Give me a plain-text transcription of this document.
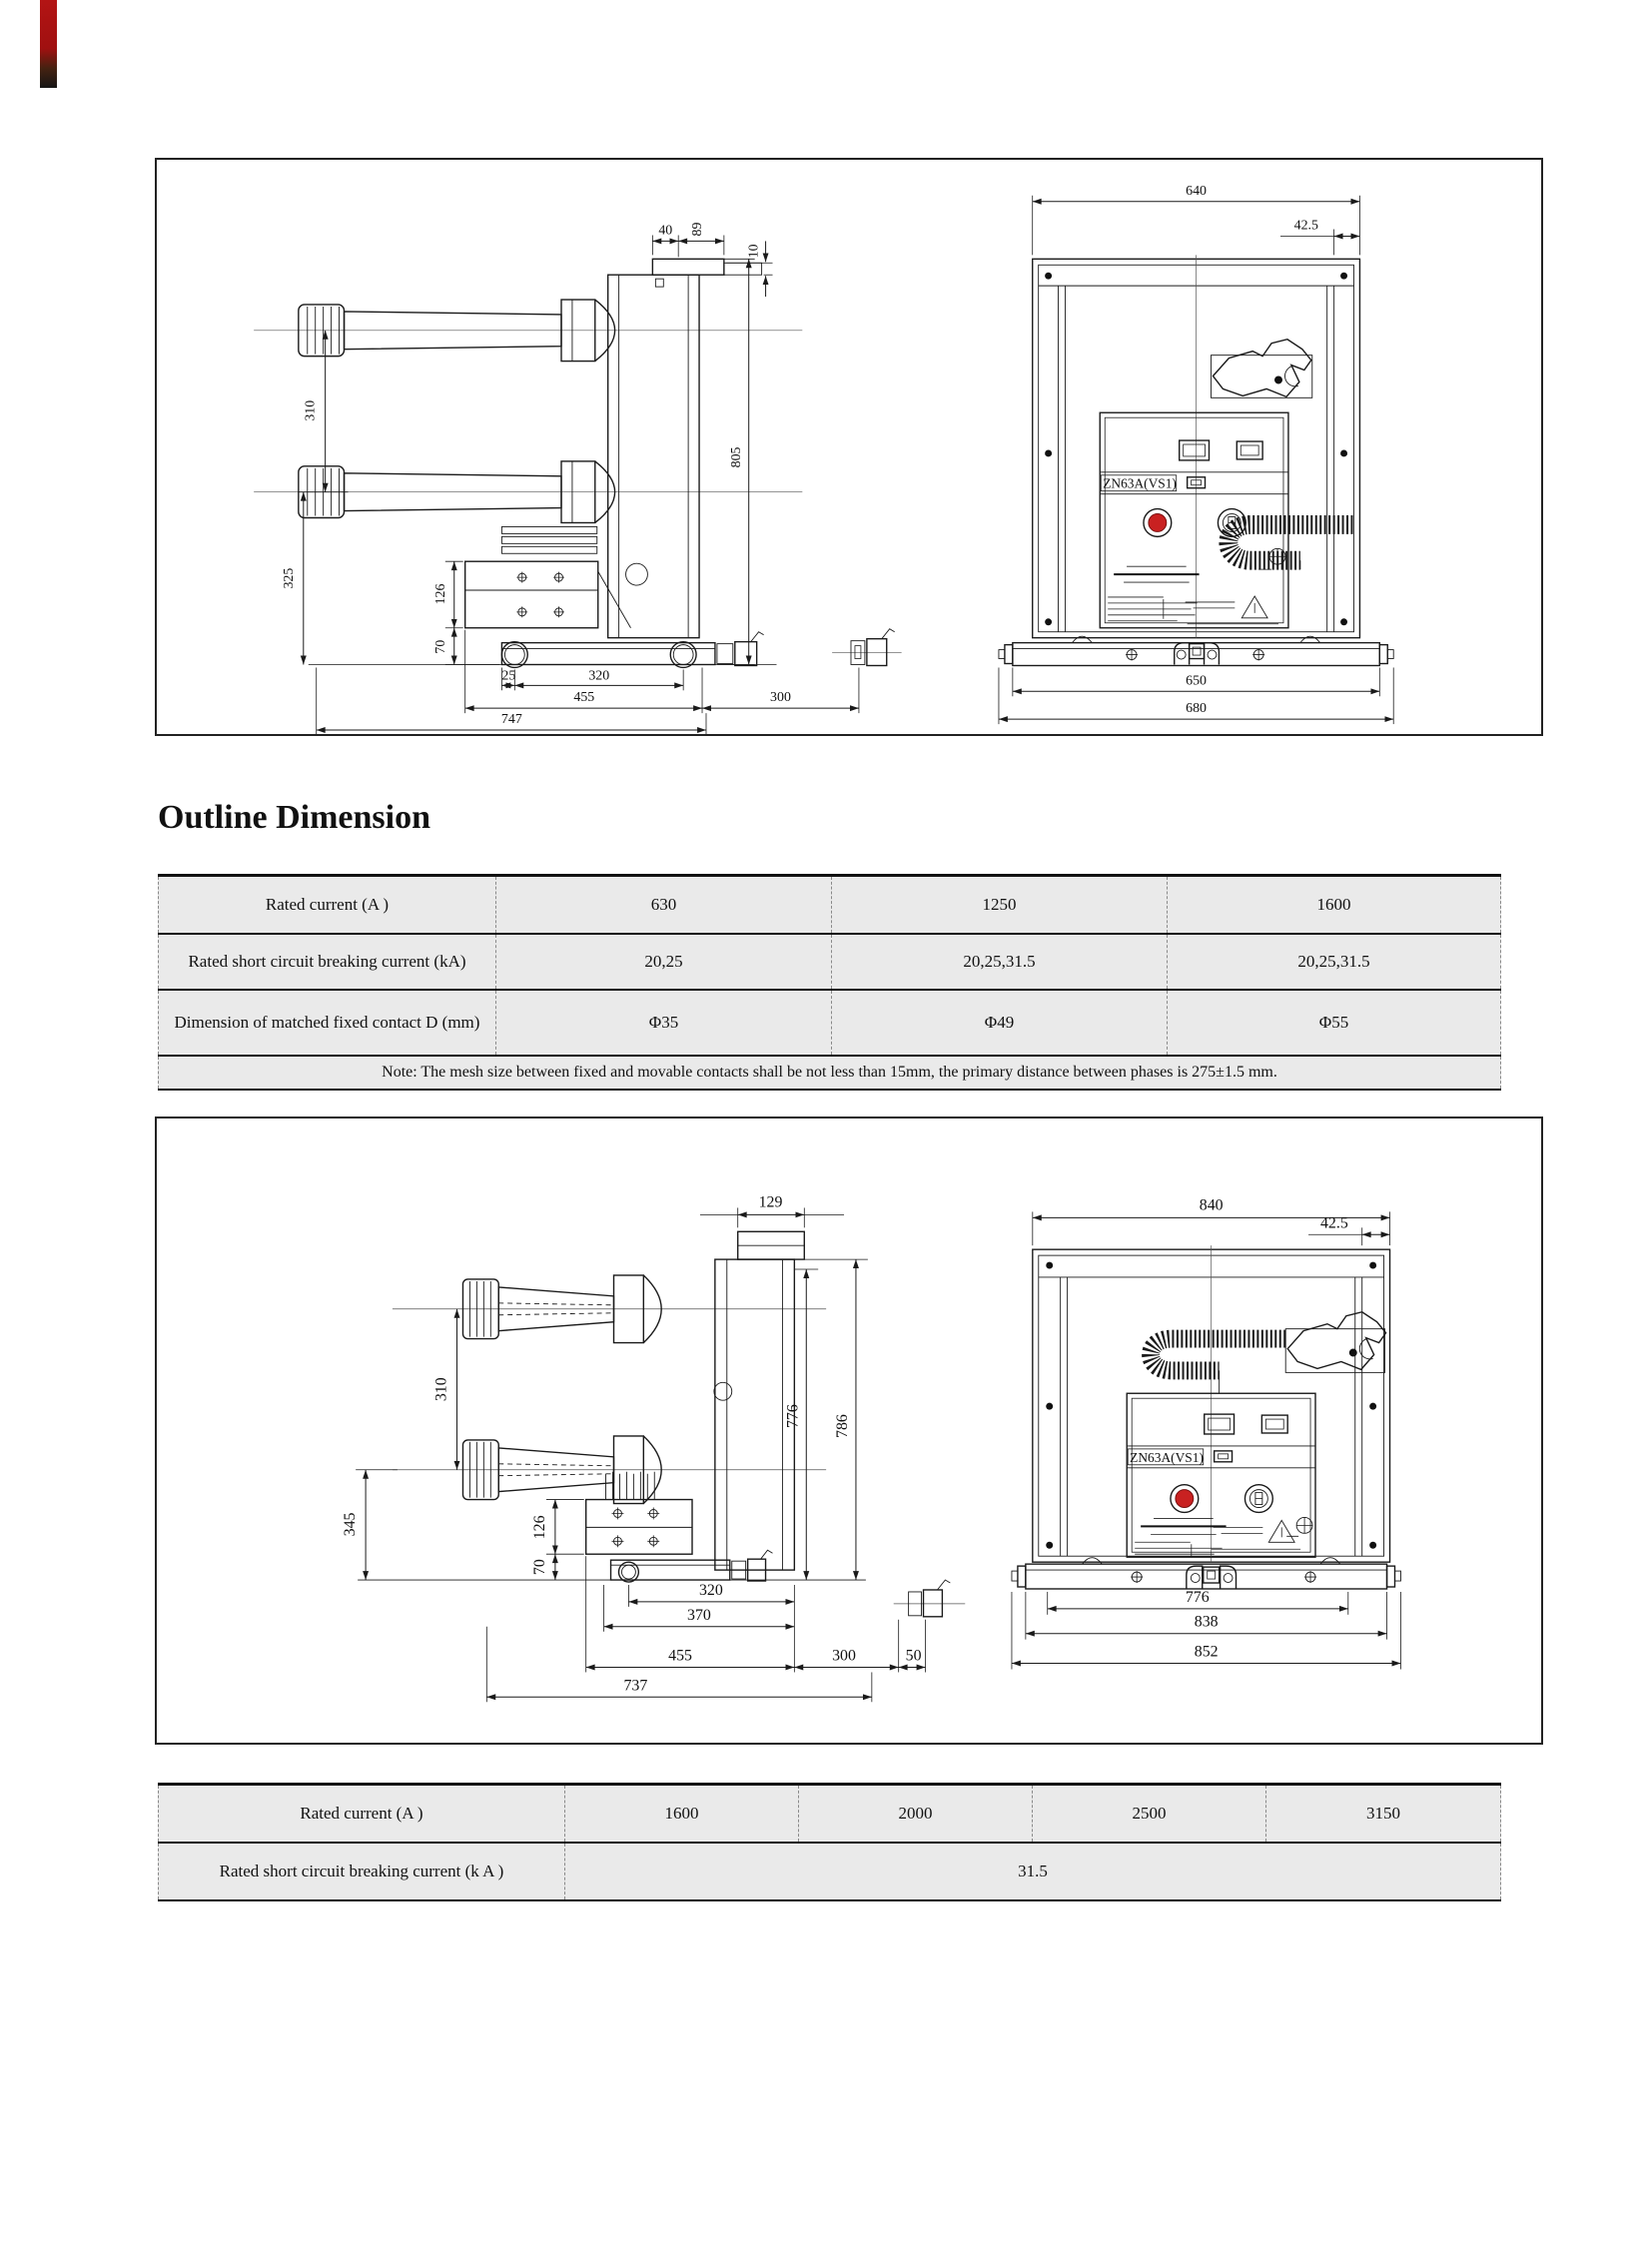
40 89
10
310
325
126
70
805
25	320
455	300
747
ZN63A(VS1)
640
42.5
650
680
Outline Dimension
Rated current (A )	630	1250	1600
Rated short circuit breaking current (kA)	20,25	20,25,31.5	20,25,31.5
Dimension of matched fixed contact D (mm)	Φ35	Φ49	Φ55
Note: The mesh size between fixed and movable contacts shall be not less than 15mm, the primary distance between phases is 275±1.5 mm.			
129
310
345	126
70
776 786
320
370
455	300	50
737
ZN63A(VS1)
840
42.5
776
838
852
Rated current (A )	1600	2000	2500	3150
Rated short circuit breaking current (k A )	31.5			
